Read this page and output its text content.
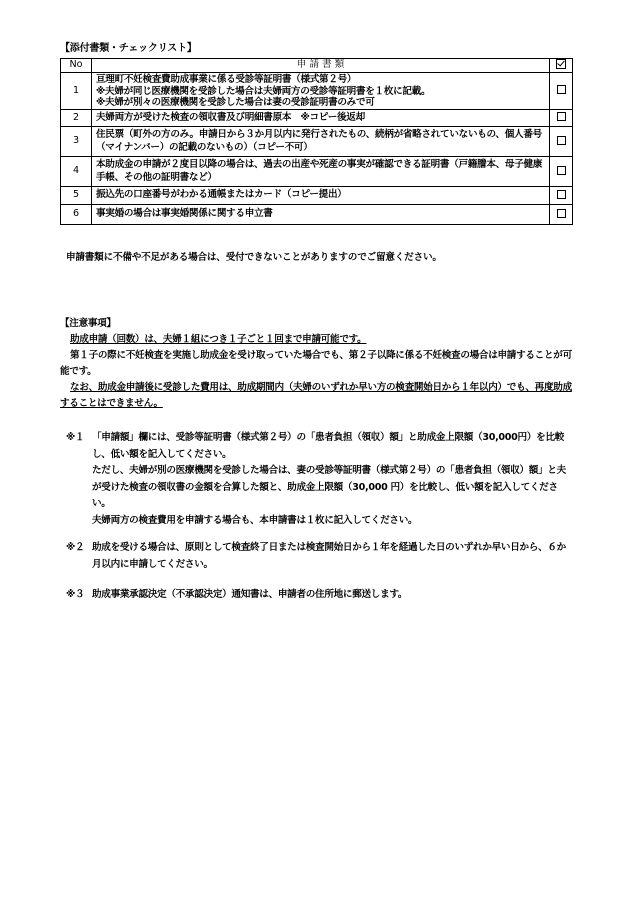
【添付書類・チェックリスト】
No	申 請 書 類	
1	亘理町不妊検査費助成事業に係る受診等証明書（様式第２号）
※夫婦が同じ医療機関を受診した場合は夫婦両方の受診等証明書を１枚に記載。
※夫婦が別々の医療機関を受診した場合は妻の受診証明書のみで可	

2	夫婦両方が受けた検査の領収書及び明細書原本　※コピー後返却	
3	住民票（町外の方のみ。申請日から３か月以内に発行されたもの、続柄が省略されていないもの、個人番号（マイナンバー）の記載のないもの）（コピー不可）	
4	本助成金の申請が２度目以降の場合は、過去の出産や死産の事実が確認できる証明書（戸籍謄本、母子健康手帳、その他の証明書など）	
5	振込先の口座番号がわかる通帳またはカード（コピー提出）	
6	事実婚の場合は事実婚関係に関する申立書	
申請書類に不備や不足がある場合は、受付できないことがありますのでご留意ください。

【注意事項】

助成申請（回数）は、夫婦１組につき１子ごと１回まで申請可能です。

第１子の際に不妊検査を実施し助成金を受け取っていた場合でも、第２子以降に係る不妊検査の場合は申請することが可能です。

なお、助成金申請後に受診した費用は、助成期間内（夫婦のいずれか早い方の検査開始日から１年以内）でも、再度助成することはできません。

※１ 「申請額」欄には、受診等証明書（様式第２号）の「患者負担（領収）額」と助成金上限額（30,000円）を比較し、低い額を記入してください。

ただし、夫婦が別の医療機関を受診した場合は、妻の受診等証明書（様式第２号）の「患者負担（領収）額」と夫が受けた検査の領収書の金額を合算した額と、助成金上限額（30,000 円）を比較し、低い額を記入してください。

夫婦両方の検査費用を申請する場合も、本申請書は１枚に記入してください。

※２ 助成を受ける場合は、原則として検査終了日または検査開始日から１年を経過した日のいずれか早い日から、６か月以内に申請してください。

※３ 助成事業承認決定（不承認決定）通知書は、申請者の住所地に郵送します。
